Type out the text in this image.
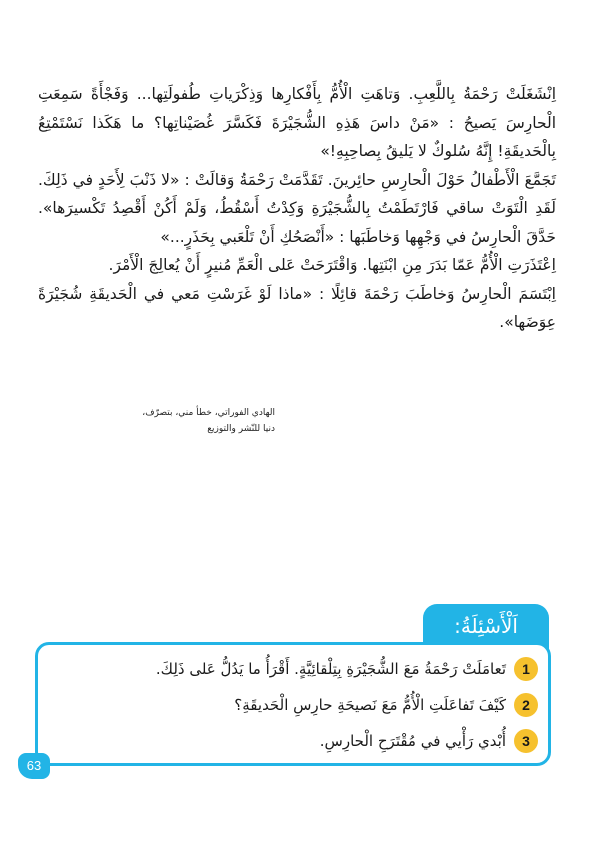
اِنْشَغَلَتْ رَحْمَةُ بِاللَّعِبِ. وَتاهَتِ الْأُمُّ بِأَفْكارِها وَذِكْرَياتِ طُفولَتِها... وَفَجْأَةً سَمِعَتِ الْحارِسَ يَصيحُ : «مَنْ داسَ هَذِهِ الشُّجَيْرَةَ فَكَسَّرَ غُصَيْناتِها؟ ما هَكَذا نَسْتَمْتِعُ بِالْحَديقَةِ! إِنَّهُ سُلوكٌ لا يَليقُ بِصاحِبِهِ!»

تَجَمَّعَ الْأَطْفالُ حَوْلَ الْحارِسِ حائِرينَ. تَقَدَّمَتْ رَحْمَةُ وَقالَتْ : «لا ذَنْبَ لِأَحَدٍ في ذَلِكَ. لَقَدِ الْتَوَتْ ساقي فَارْتَطَمْتُ بِالشُّجَيْرَةِ وَكِدْتُ أَسْقُطُ، وَلَمْ أَكُنْ أَقْصِدُ تَكْسيرَها». حَدَّقَ الْحارِسُ في وَجْهِها وَخاطَبَها : «أَنْصَحُكِ أَنْ تَلْعَبي بِحَذَرٍ...»

اِعْتَذَرَتِ الْأُمُّ عَمّا بَدَرَ مِنِ ابْنَتِها. وَاقْتَرَحَتْ عَلى الْعَمِّ مُنيرٍ أَنْ يُعالِجَ الْأَمْرَ.

اِبْتَسَمَ الْحارِسُ وَخاطَبَ رَحْمَةَ قائِلًا : «ماذا لَوْ غَرَسْتِ مَعي في الْحَديقَةِ شُجَيْرَةً عِوَضَها».

الهادي الفوراتي، خطأ مني، بتصرّف،
دنيا للنّشر والتوزيع
اَلْأَسْئِلَةُ:
1
تَعامَلَتْ رَحْمَةُ مَعَ الشُّجَيْرَةِ بِتِلْقائِيَّةٍ. أَقْرَأُ ما يَدُلُّ عَلى ذَلِكَ.
2
كَيْفَ تَفاعَلَتِ الْأُمُّ مَعَ نَصيحَةِ حارِسِ الْحَديقَةِ؟
3
أُبْدي رَأْيي في مُقْتَرَحِ الْحارِسِ.
63
